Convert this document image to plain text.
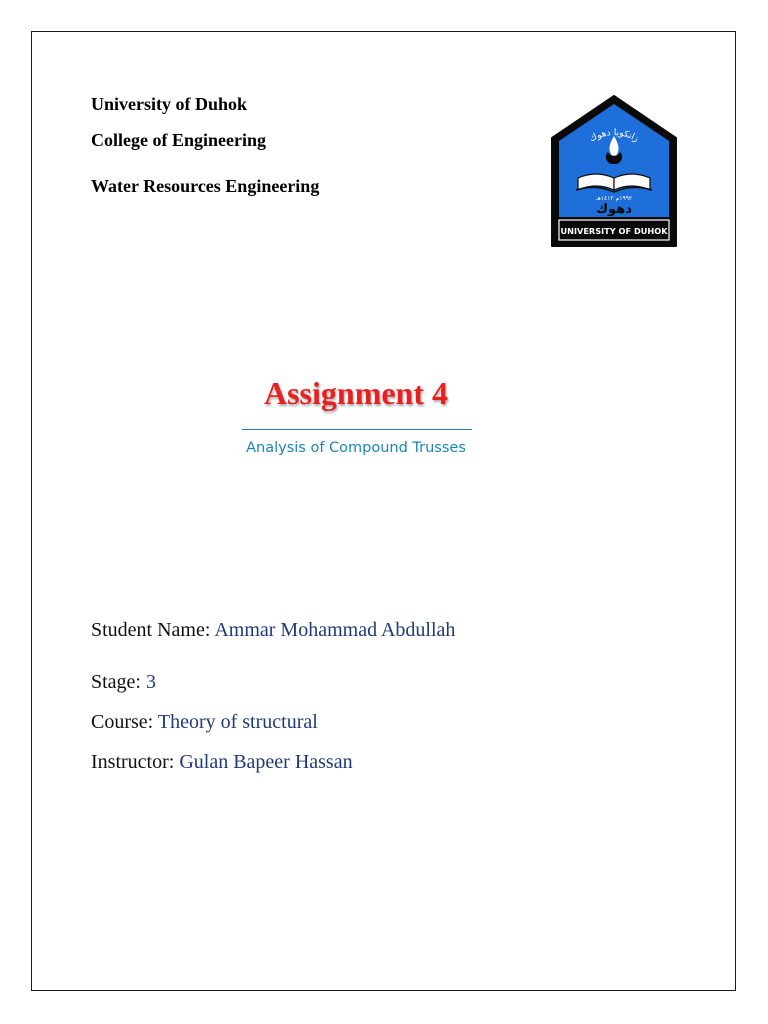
University of Duhok
College of Engineering
Water Resources Engineering
زانكويا دهوك
١٩٩٢م ١٤١٢هـ
دهوك
UNIVERSITY OF DUHOK
Assignment 4
Analysis of Compound Trusses
Student Name: Ammar Mohammad Abdullah
Stage: 3
Course: Theory of structural
Instructor: Gulan Bapeer Hassan
